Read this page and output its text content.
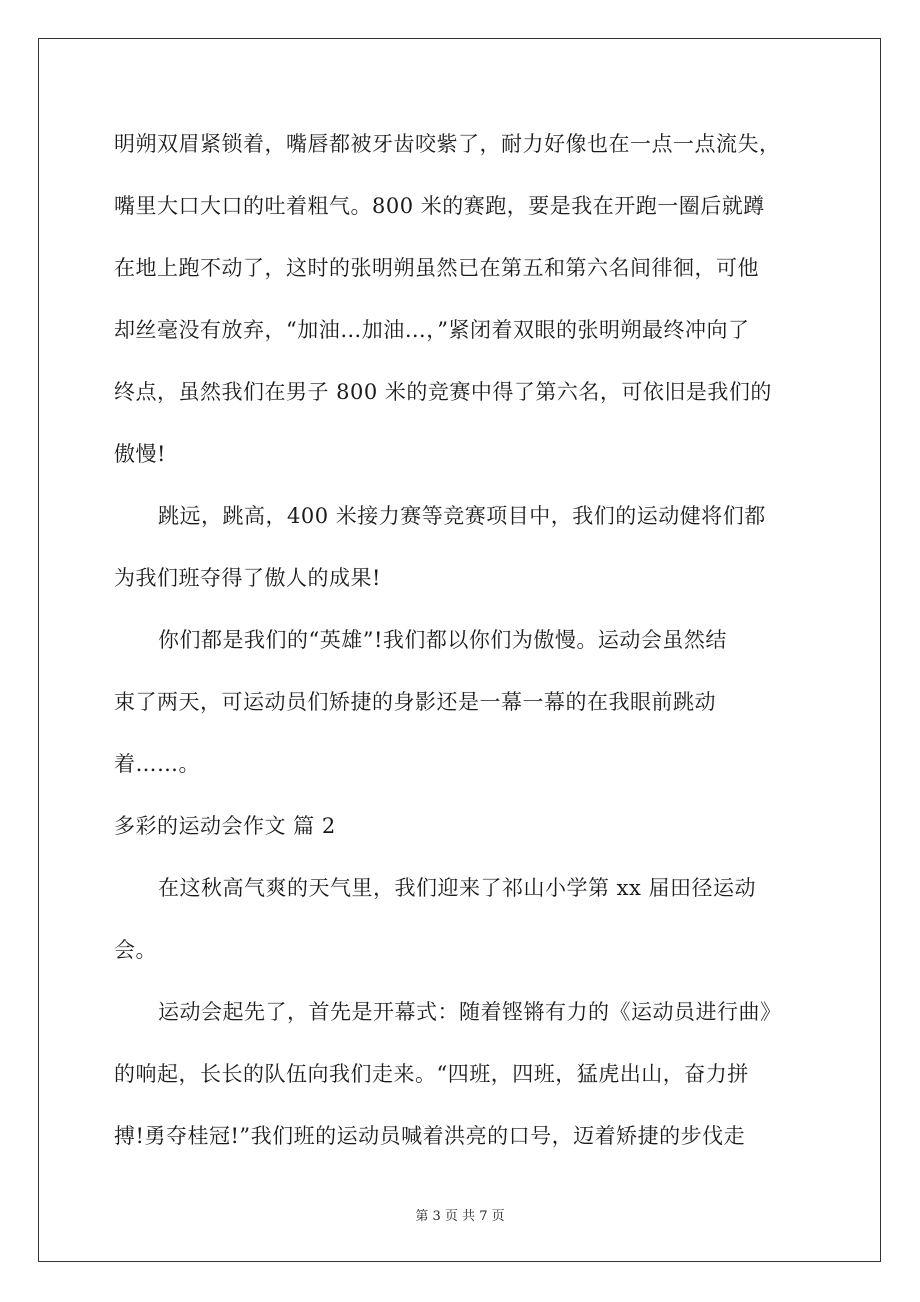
明朔双眉紧锁着，嘴唇都被牙齿咬紫了，耐力好像也在一点一点流失，
嘴里大口大口的吐着粗气。800 米的赛跑，要是我在开跑一圈后就蹲
在地上跑不动了，这时的张明朔虽然已在第五和第六名间徘徊，可他
却丝毫没有放弃，“加油…加油…，”紧闭着双眼的张明朔最终冲向了
终点，虽然我们在男子 800 米的竞赛中得了第六名，可依旧是我们的
傲慢!
跳远，跳高，400 米接力赛等竞赛项目中，我们的运动健将们都
为我们班夺得了傲人的成果!
你们都是我们的“英雄”!我们都以你们为傲慢。运动会虽然结
束了两天，可运动员们矫捷的身影还是一幕一幕的在我眼前跳动
着……。
多彩的运动会作文 篇 2
在这秋高气爽的天气里，我们迎来了祁山小学第 xx 届田径运动
会。
运动会起先了，首先是开幕式：随着铿锵有力的《运动员进行曲》
的响起，长长的队伍向我们走来。“四班，四班，猛虎出山，奋力拼
搏!勇夺桂冠!”我们班的运动员喊着洪亮的口号，迈着矫捷的步伐走
第 3 页 共 7 页
